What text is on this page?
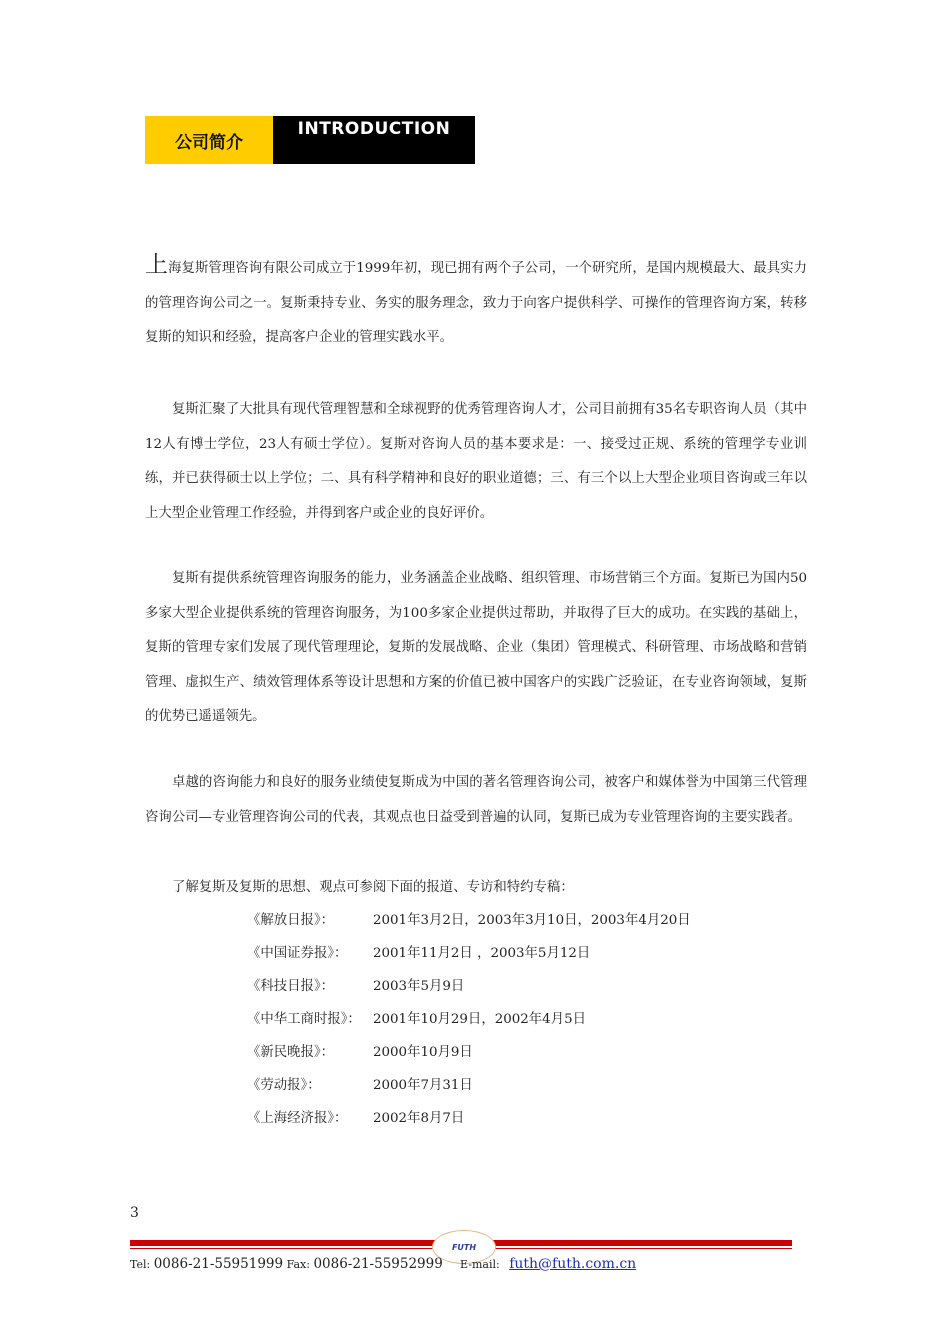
公司简介
INTRODUCTION

上海复斯管理咨询有限公司成立于1999年初，现已拥有两个子公司，一个研究所，是国内规模最大、最具实力的管理咨询公司之一。复斯秉持专业、务实的服务理念，致力于向客户提供科学、可操作的管理咨询方案，转移复斯的知识和经验，提高客户企业的管理实践水平。

复斯汇聚了大批具有现代管理智慧和全球视野的优秀管理咨询人才，公司目前拥有35名专职咨询人员（其中12人有博士学位，23人有硕士学位）。复斯对咨询人员的基本要求是：一、接受过正规、系统的管理学专业训练，并已获得硕士以上学位；二、具有科学精神和良好的职业道德；三、有三个以上大型企业项目咨询或三年以上大型企业管理工作经验，并得到客户或企业的良好评价。

复斯有提供系统管理咨询服务的能力，业务涵盖企业战略、组织管理、市场营销三个方面。复斯已为国内50多家大型企业提供系统的管理咨询服务，为100多家企业提供过帮助，并取得了巨大的成功。在实践的基础上，复斯的管理专家们发展了现代管理理论，复斯的发展战略、企业（集团）管理模式、科研管理、市场战略和营销管理、虚拟生产、绩效管理体系等设计思想和方案的价值已被中国客户的实践广泛验证，在专业咨询领域，复斯的优势已遥遥领先。

卓越的咨询能力和良好的服务业绩使复斯成为中国的著名管理咨询公司，被客户和媒体誉为中国第三代管理咨询公司—专业管理咨询公司的代表，其观点也日益受到普遍的认同，复斯已成为专业管理咨询的主要实践者。

了解复斯及复斯的思想、观点可参阅下面的报道、专访和特约专稿：

《解放日报》：	2001年3月2日，2003年3月10日，2003年4月20日
《中国证券报》：	2001年11月2日 ，2003年5月12日
《科技日报》：	2003年5月9日
《中华工商时报》： 2001年10月29日，2002年4月5日
《新民晚报》：	2000年10月9日
《劳动报》：	2000年7月31日
《上海经济报》：	2002年8月7日
3
FUTH
Tel: 0086-21-55951999 Fax: 0086-21-55952999 E-mail: futh@futh.com.cn
